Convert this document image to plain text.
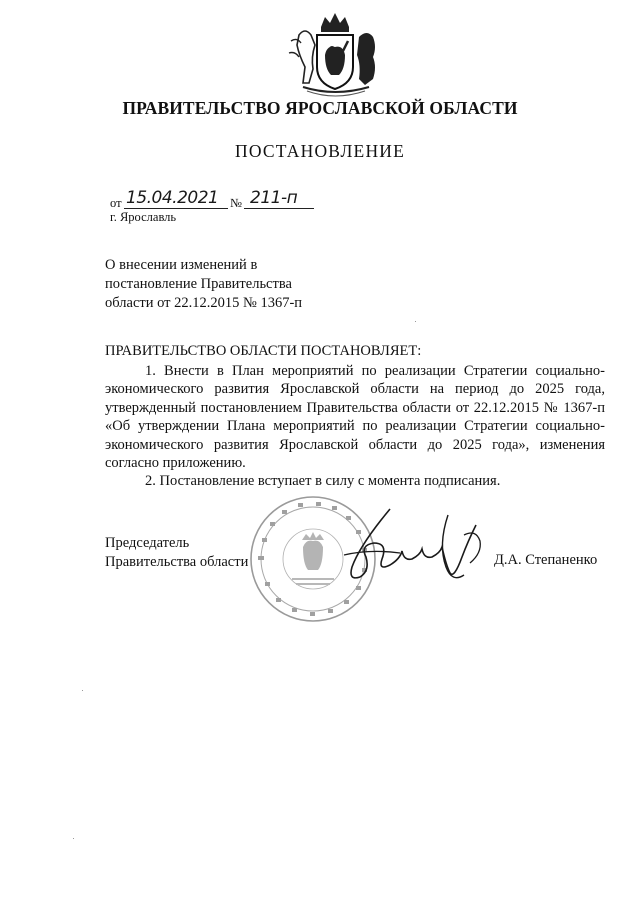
ПРАВИТЕЛЬСТВО ЯРОСЛАВСКОЙ ОБЛАСТИ
ПОСТАНОВЛЕНИЕ
от 15.04.2021 № 211-п
г. Ярославль
О внесении изменений в
постановление Правительства
области от 22.12.2015 № 1367-п
ПРАВИТЕЛЬСТВО ОБЛАСТИ ПОСТАНОВЛЯЕТ:

1. Внести в План мероприятий по реализации Стратегии социально-экономического развития Ярославской области на период до 2025 года, утвержденный постановлением Правительства области от 22.12.2015 № 1367-п «Об утверждении Плана мероприятий по реализации Стратегии социально-экономического развития Ярославской области до 2025 года», изменения согласно приложению.

2. Постановление вступает в силу с момента подписания.

Председатель
Правительства области	Д.А. Степаненко
